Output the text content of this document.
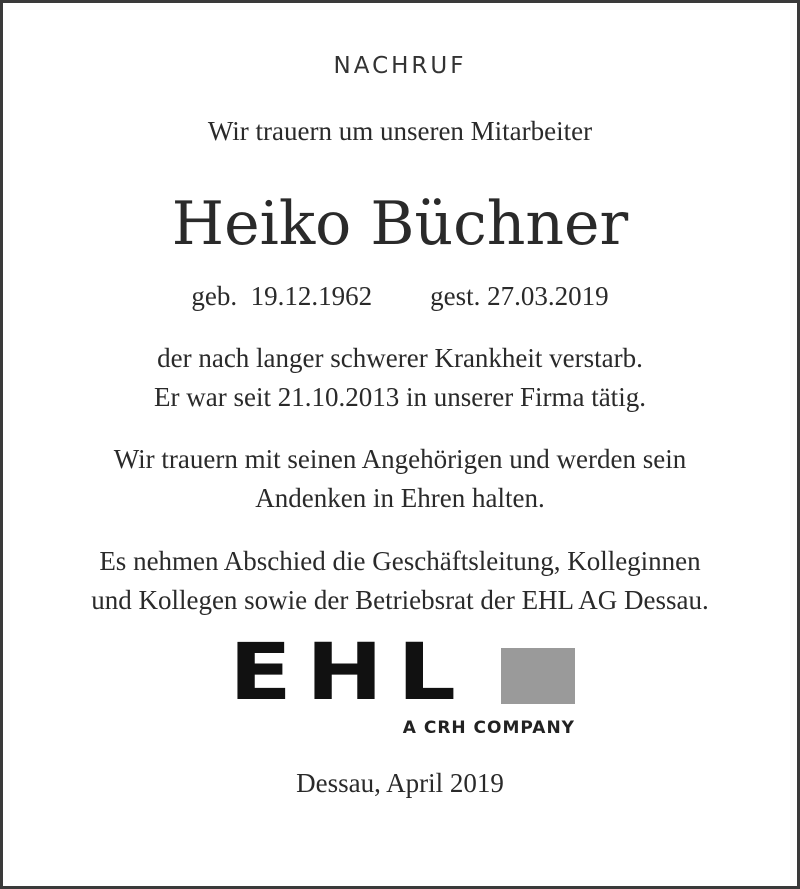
NACHRUF
Wir trauern um unseren Mitarbeiter
Heiko Büchner
geb.  19.12.1962 gest. 27.03.2019
der nach langer schwerer Krankheit verstarb.
Er war seit 21.10.2013 in unserer Firma tätig.
Wir trauern mit seinen Angehörigen und werden sein
Andenken in Ehren halten.
Es nehmen Abschied die Geschäftsleitung, Kolleginnen
und Kollegen sowie der Betriebsrat der EHL AG Dessau.
EHL
A CRH COMPANY
Dessau, April 2019
